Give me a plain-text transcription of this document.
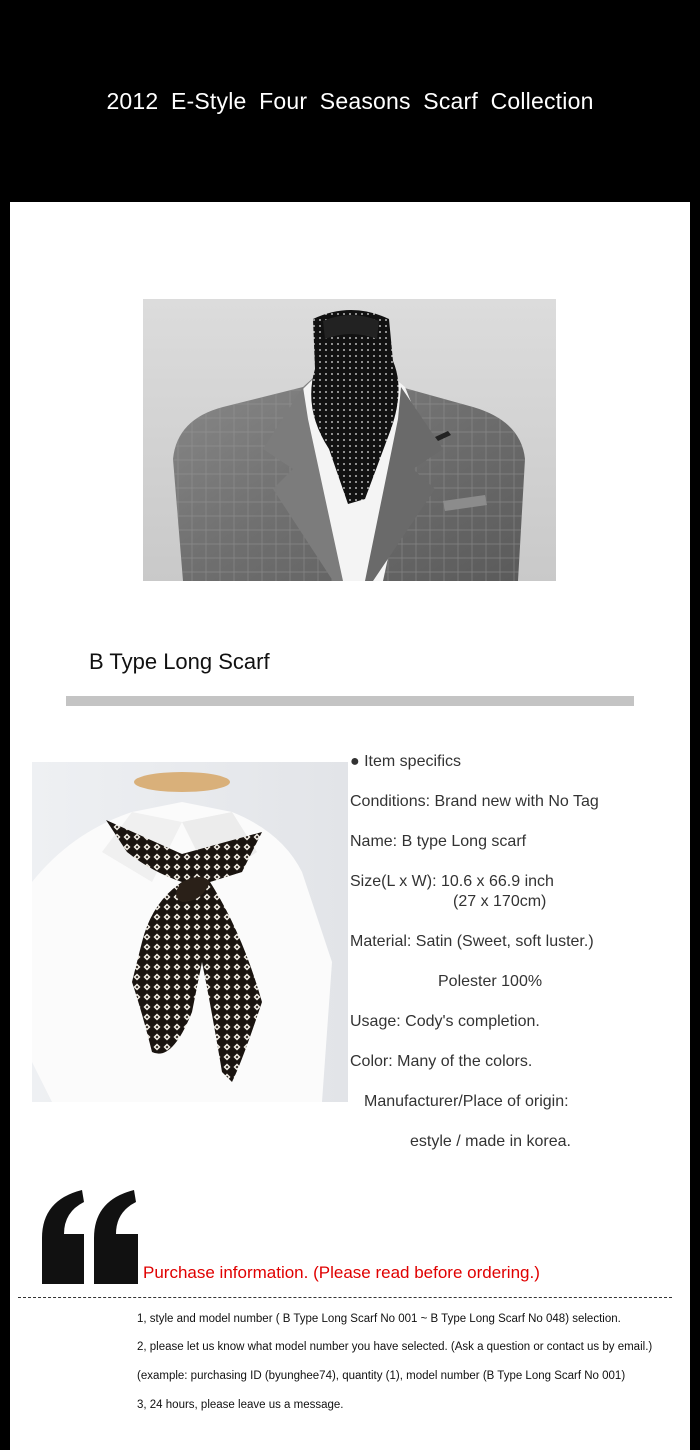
2012 E-Style Four Seasons Scarf Collection
B Type Long Scarf
● Item specifics
Conditions: Brand new with No Tag
Name: B type Long scarf
Size(L x W): 10.6 x 66.9 inch
(27 x 170cm)
Material: Satin (Sweet, soft luster.)
Polester 100%
Usage: Cody's completion.
Color: Many of the colors.
Manufacturer/Place of origin:
estyle / made in korea.
Purchase information. (Please read before ordering.)
1, style and model number ( B Type Long Scarf No 001 ~ B Type Long Scarf No 048) selection.
2, please let us know what model number you have selected. (Ask a question or contact us by email.)
(example: purchasing ID (byunghee74), quantity (1), model number (B Type Long Scarf No 001)
3, 24 hours, please leave us a message.
